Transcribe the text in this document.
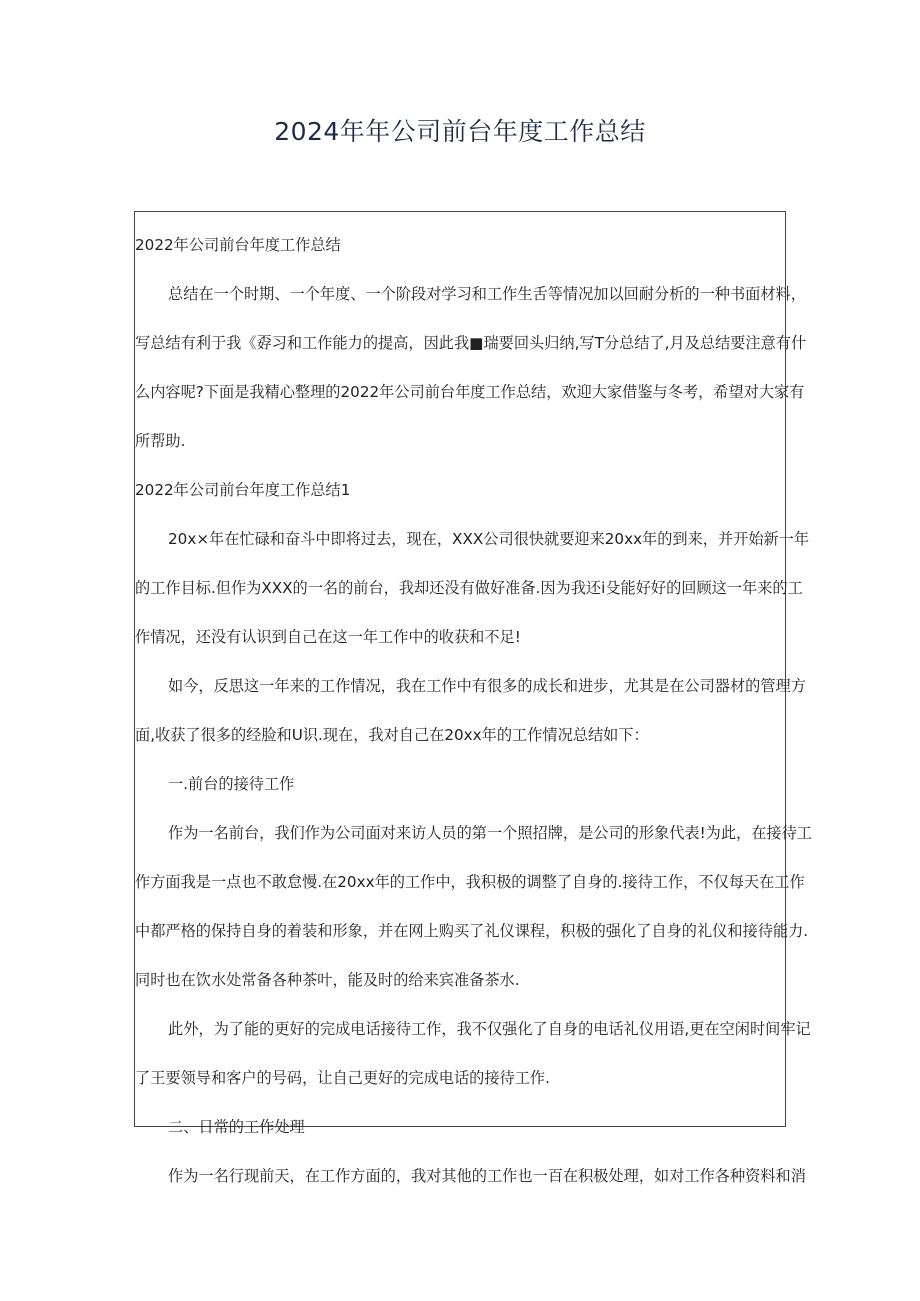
2024年年公司前台年度工作总结
2022年公司前台年度工作总结
总结在一个时期、一个年度、一个阶段对学习和工作生舌等情况加以回耐分析的一种书面材料，
写总结有利于我《孬习和工作能力的提高，因此我■瑞要回头归纳,写T分总结了,月及总结要注意有什
么内容呢?下面是我精心整理的2022年公司前台年度工作总结，欢迎大家借鉴与冬考，希望对大家有
所帮助.
2022年公司前台年度工作总结1
20x×年在忙碌和奋斗中即将过去，现在，XXX公司很快就要迎来20xx年的到来，并开始新一年
的工作目标.但作为XXX的一名的前台，我却还没有做好准备.因为我还i殳能好好的回顾这一年来的工
作情况，还没有认识到自己在这一年工作中的收获和不足!
如今，反思这一年来的工作情况，我在工作中有很多的成长和进步，尤其是在公司器材的管理方
面,收获了很多的经脸和U识.现在，我对自己在20xx年的工作情况总结如下：
一.前台的接待工作
作为一名前台，我们作为公司面对来访人员的第一个照招牌，是公司的形象代表!为此，在接待工
作方面我是一点也不敢怠慢.在20xx年的工作中，我积极的调整了自身的.接待工作，不仅每天在工作
中都严格的保持自身的着装和形象，并在网上购买了礼仪课程，积极的强化了自身的礼仪和接待能力.
同时也在饮水处常备各种茶叶，能及时的给来宾准备茶水.
此外，为了能的更好的完成电话接待工作，我不仅强化了自身的电话礼仪用语,更在空闲时间牢记
了王要领导和客户的号码，让自己更好的完成电话的接待工作.
二、日常的工作处理
作为一名行现前天，在工作方面的，我对其他的工作也一百在积极处理，如对工作各种资料和消
